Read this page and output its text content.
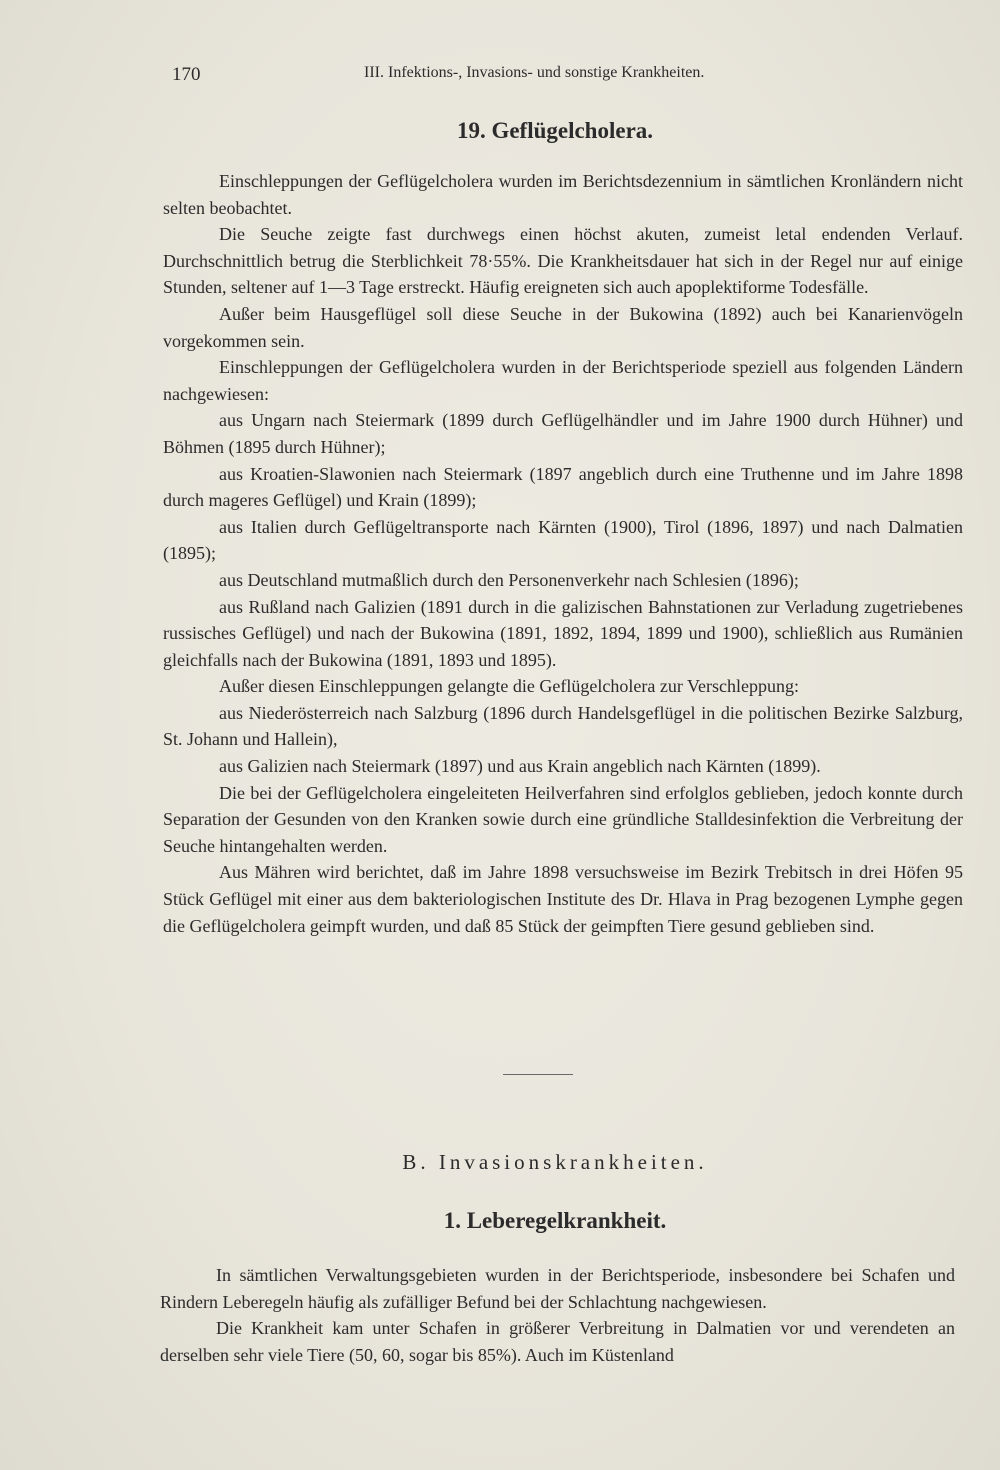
170	III. Infektions-, Invasions- und sonstige Krankheiten.
19. Geflügelcholera.

Einschleppungen der Geflügelcholera wurden im Berichtsdezennium in sämtlichen Kronländern nicht selten beobachtet.

Die Seuche zeigte fast durchwegs einen höchst akuten, zumeist letal endenden Verlauf. Durchschnittlich betrug die Sterblichkeit 78·55%. Die Krankheitsdauer hat sich in der Regel nur auf einige Stunden, seltener auf 1—3 Tage erstreckt. Häufig ereigneten sich auch apoplektiforme Todesfälle.

Außer beim Hausgeflügel soll diese Seuche in der Bukowina (1892) auch bei Kanarienvögeln vorgekommen sein.

Einschleppungen der Geflügelcholera wurden in der Berichtsperiode speziell aus folgenden Ländern nachgewiesen:

aus Ungarn nach Steiermark (1899 durch Geflügelhändler und im Jahre 1900 durch Hühner) und Böhmen (1895 durch Hühner);

aus Kroatien-Slawonien nach Steiermark (1897 angeblich durch eine Truthenne und im Jahre 1898 durch mageres Geflügel) und Krain (1899);

aus Italien durch Geflügeltransporte nach Kärnten (1900), Tirol (1896, 1897) und nach Dalmatien (1895);

aus Deutschland mutmaßlich durch den Personenverkehr nach Schlesien (1896);

aus Rußland nach Galizien (1891 durch in die galizischen Bahnstationen zur Verladung zugetriebenes russisches Geflügel) und nach der Bukowina (1891, 1892, 1894, 1899 und 1900), schließlich aus Rumänien gleichfalls nach der Bukowina (1891, 1893 und 1895).

Außer diesen Einschleppungen gelangte die Geflügelcholera zur Verschleppung:

aus Niederösterreich nach Salzburg (1896 durch Handelsgeflügel in die politischen Bezirke Salzburg, St. Johann und Hallein),

aus Galizien nach Steiermark (1897) und aus Krain angeblich nach Kärnten (1899).

Die bei der Geflügelcholera eingeleiteten Heilverfahren sind erfolglos geblieben, jedoch konnte durch Separation der Gesunden von den Kranken sowie durch eine gründliche Stalldesinfektion die Verbreitung der Seuche hintangehalten werden.

Aus Mähren wird berichtet, daß im Jahre 1898 versuchsweise im Bezirk Trebitsch in drei Höfen 95 Stück Geflügel mit einer aus dem bakteriologischen Institute des Dr. Hlava in Prag bezogenen Lymphe gegen die Geflügelcholera geimpft wurden, und daß 85 Stück der geimpften Tiere gesund geblieben sind.

B. Invasionskrankheiten.
1. Leberegelkrankheit.

In sämtlichen Verwaltungsgebieten wurden in der Berichtsperiode, insbesondere bei Schafen und Rindern Leberegeln häufig als zufälliger Befund bei der Schlachtung nachgewiesen.

Die Krankheit kam unter Schafen in größerer Verbreitung in Dalmatien vor und verendeten an derselben sehr viele Tiere (50, 60, sogar bis 85%). Auch im Küstenland
